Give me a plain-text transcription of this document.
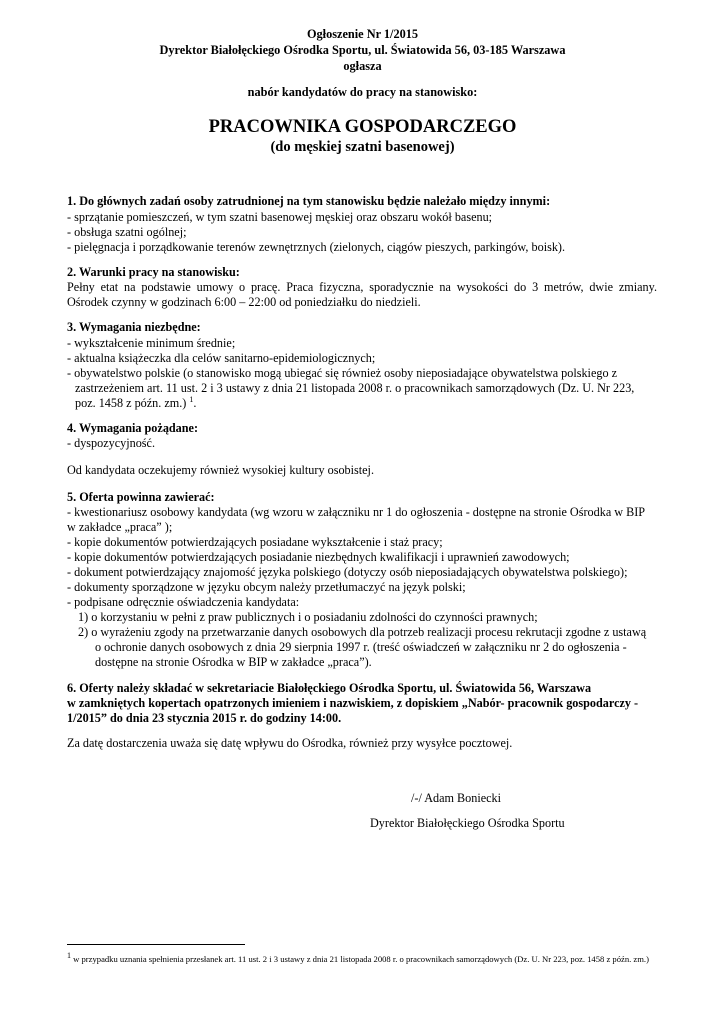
Ogłoszenie Nr 1/2015
Dyrektor Białołęckiego Ośrodka Sportu, ul. Światowida 56, 03-185 Warszawa
ogłasza
nabór kandydatów do pracy na stanowisko:
PRACOWNIKA GOSPODARCZEGO
(do męskiej szatni basenowej)
1. Do głównych zadań osoby zatrudnionej na tym stanowisku będzie należało między innymi:
- sprzątanie pomieszczeń, w tym szatni basenowej męskiej oraz obszaru wokół basenu;
- obsługa szatni ogólnej;
- pielęgnacja i porządkowanie terenów zewnętrznych (zielonych, ciągów pieszych, parkingów, boisk).
2. Warunki pracy na stanowisku:
Pełny etat na podstawie umowy o pracę. Praca fizyczna, sporadycznie na wysokości do 3 metrów, dwie zmiany.
Ośrodek czynny w godzinach 6:00 – 22:00 od poniedziałku do niedzieli.
3. Wymagania niezbędne:
- wykształcenie minimum średnie;
- aktualna książeczka dla celów sanitarno-epidemiologicznych;
- obywatelstwo polskie (o stanowisko mogą ubiegać się również osoby nieposiadające obywatelstwa polskiego z
zastrzeżeniem art. 11 ust. 2 i 3 ustawy z dnia 21 listopada 2008 r. o pracownikach samorządowych (Dz. U. Nr 223,
poz. 1458 z późn. zm.) $^1$.
4. Wymagania pożądane:
- dyspozycyjność.
Od kandydata oczekujemy również wysokiej kultury osobistej.
5. Oferta powinna zawierać:
- kwestionariusz osobowy kandydata (wg wzoru w załączniku nr 1 do ogłoszenia - dostępne na stronie Ośrodka w BIP
w zakładce „praca” );
- kopie dokumentów potwierdzających posiadane wykształcenie i staż pracy;
- kopie dokumentów potwierdzających posiadanie niezbędnych kwalifikacji i uprawnień zawodowych;
- dokument potwierdzający znajomość języka polskiego (dotyczy osób nieposiadających obywatelstwa polskiego);
- dokumenty sporządzone w języku obcym należy przetłumaczyć na język polski;
- podpisane odręcznie oświadczenia kandydata:
1) o korzystaniu w pełni z praw publicznych i o posiadaniu zdolności do czynności prawnych;
2) o wyrażeniu zgody na przetwarzanie danych osobowych dla potrzeb realizacji procesu rekrutacji zgodne z ustawą
o ochronie danych osobowych z dnia 29 sierpnia 1997 r. (treść oświadczeń w załączniku nr 2 do ogłoszenia -
dostępne na stronie Ośrodka w BIP w zakładce „praca”).
6. Oferty należy składać w sekretariacie Białołęckiego Ośrodka Sportu, ul. Światowida 56, Warszawa
w zamkniętych kopertach opatrzonych imieniem i nazwiskiem, z dopiskiem „Nabór- pracownik gospodarczy -
1/2015” do dnia 23 stycznia 2015 r. do godziny 14:00.
Za datę dostarczenia uważa się datę wpływu do Ośrodka, również przy wysyłce pocztowej.
/-/ Adam Boniecki
Dyrektor Białołęckiego Ośrodka Sportu
1 w przypadku uznania spełnienia przesłanek art. 11 ust. 2 i 3 ustawy z dnia 21 listopada 2008 r. o pracownikach samorządowych (Dz. U. Nr 223, poz. 1458 z późn. zm.)
